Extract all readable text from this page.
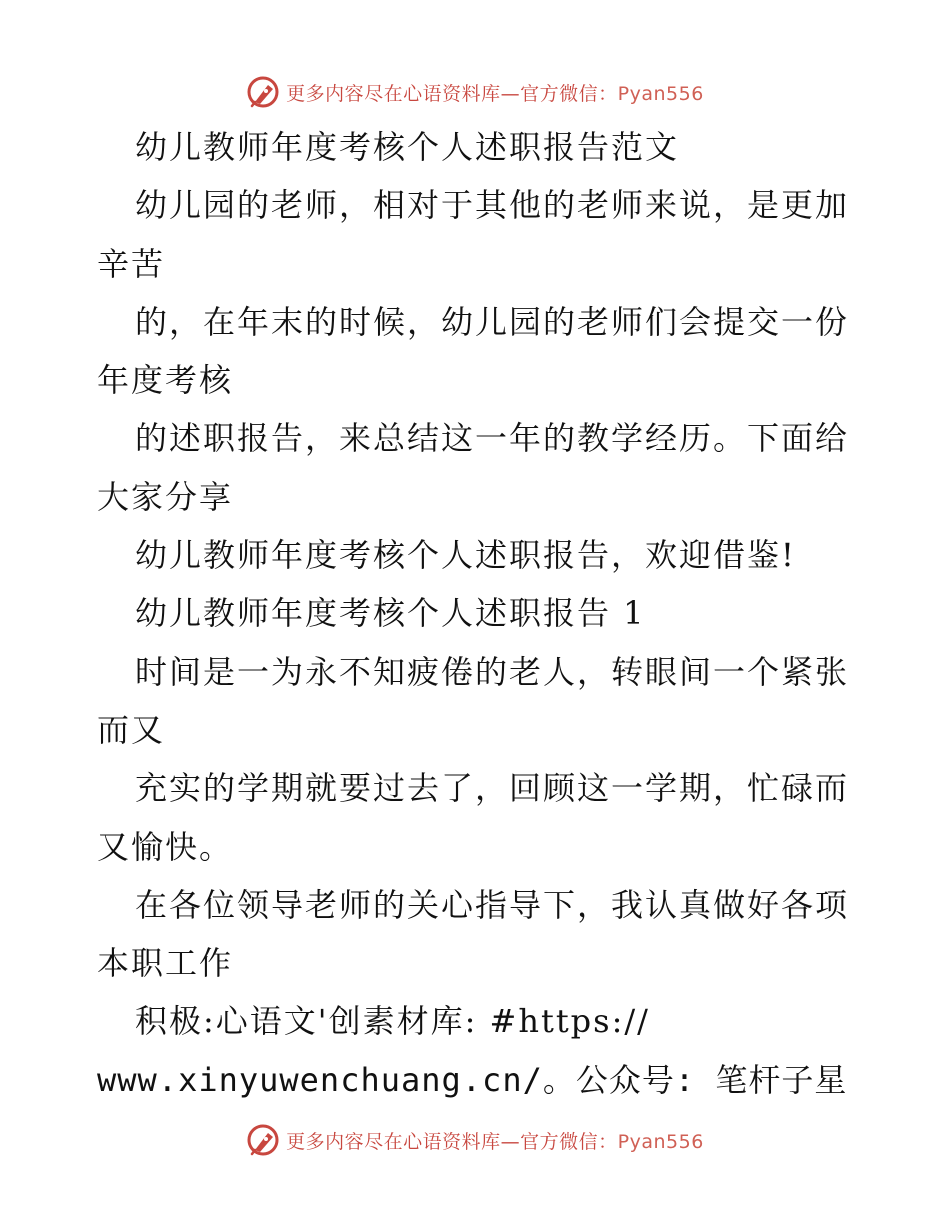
更多内容尽在心语资料库—官方微信：Pyan556
幼儿教师年度考核个人述职报告范文
幼儿园的老师，相对于其他的老师来说，是更加
辛苦
的，在年末的时候，幼儿园的老师们会提交一份
年度考核
的述职报告，来总结这一年的教学经历。下面给
大家分享
幼儿教师年度考核个人述职报告，欢迎借鉴!
幼儿教师年度考核个人述职报告 1
时间是一为永不知疲倦的老人，转眼间一个紧张
而又
充实的学期就要过去了，回顾这一学期，忙碌而
又愉快。
在各位领导老师的关心指导下，我认真做好各项
本职工作
积极:心语文'创素材库: #https://
www.xinyuwenchuang.cn/。公众号: 笔杆子星
更多内容尽在心语资料库—官方微信：Pyan556
